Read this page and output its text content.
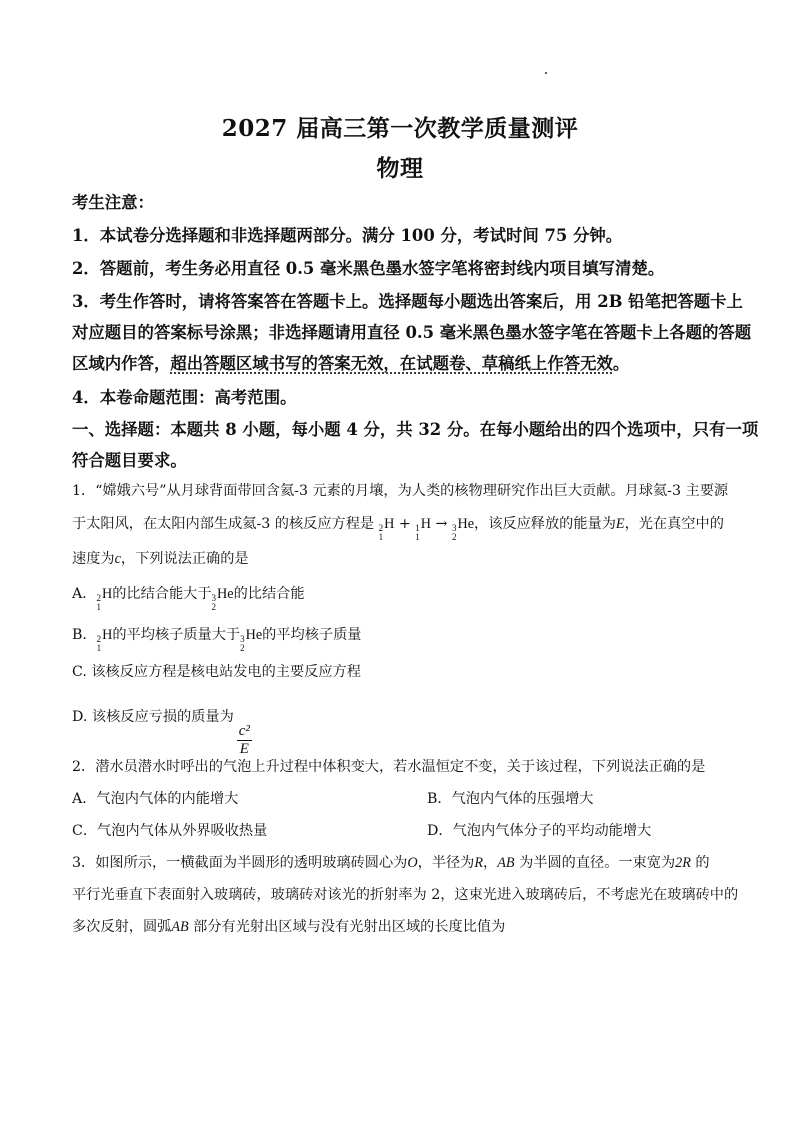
2027 届高三第一次教学质量测评
物理
考生注意：
1．本试卷分选择题和非选择题两部分。满分 100 分，考试时间 75 分钟。
2．答题前，考生务必用直径 0.5 毫米黑色墨水签字笔将密封线内项目填写清楚。
3．考生作答时，请将答案答在答题卡上。选择题每小题选出答案后，用 2B 铅笔把答题卡上
对应题目的答案标号涂黑；非选择题请用直径 0.5 毫米黑色墨水签字笔在答题卡上各题的答题
区域内作答，超出答题区域书写的答案无效，在试题卷、草稿纸上作答无效。
4．本卷命题范围：高考范围。
一、选择题：本题共 8 小题，每小题 4 分，共 32 分。在每小题给出的四个选项中，只有一项
符合题目要求。
1．“嫦娥六号”从月球背面带回含氦-3 元素的月壤，为人类的核物理研究作出巨大贡献。月球氦-3 主要源
于太阳风，在太阳内部生成氦-3 的核反应方程是 2
1
H + 1
1
H → 3
2
He，该反应释放的能量为E，光在真空中的
速度为c，下列说法正确的是
A． 2
1
H的比结合能大于 3
2
He的比结合能
B． 2
1
H的平均核子质量大于 3
2
He的平均核子质量
C. 该核反应方程是核电站发电的主要反应方程
D. 该核反应亏损的质量为
$\frac{\text{c²}}{E}$
2．潜水员潜水时呼出的气泡上升过程中体积变大，若水温恒定不变，关于该过程，下列说法正确的是
A．气泡内气体的内能增大	B．气泡内气体的压强增大
C．气泡内气体从外界吸收热量	D．气泡内气体分子的平均动能增大
3．如图所示，一横截面为半圆形的透明玻璃砖圆心为O，半径为R，AB 为半圆的直径。一束宽为2R 的
平行光垂直下表面射入玻璃砖，玻璃砖对该光的折射率为 2，这束光进入玻璃砖后，不考虑光在玻璃砖中的
多次反射，圆弧AB 部分有光射出区域与没有光射出区域的长度比值为
